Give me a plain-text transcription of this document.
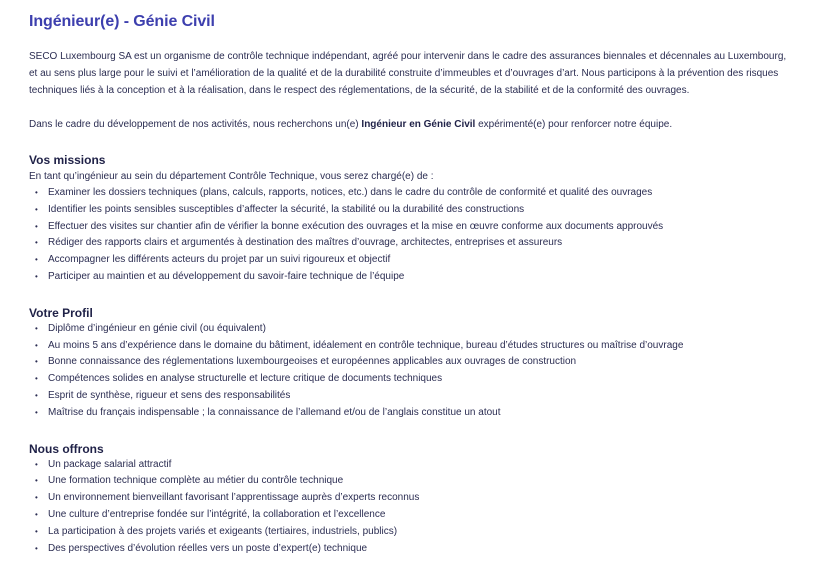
Ingénieur(e) - Génie Civil

SECO Luxembourg SA est un organisme de contrôle technique indépendant, agréé pour intervenir dans le cadre des assurances biennales et décennales au Luxembourg, et au sens plus large pour le suivi et l’amélioration de la qualité et de la durabilité construite d’immeubles et d’ouvrages d’art. Nous participons à la prévention des risques techniques liés à la conception et à la réalisation, dans le respect des réglementations, de la sécurité, de la stabilité et de la conformité des ouvrages.

Dans le cadre du développement de nos activités, nous recherchons un(e) Ingénieur en Génie Civil expérimenté(e) pour renforcer notre équipe.

Vos missions

En tant qu’ingénieur au sein du département Contrôle Technique, vous serez chargé(e) de :

• Examiner les dossiers techniques (plans, calculs, rapports, notices, etc.) dans le cadre du contrôle de conformité et qualité des ouvrages
• Identifier les points sensibles susceptibles d’affecter la sécurité, la stabilité ou la durabilité des constructions
• Effectuer des visites sur chantier afin de vérifier la bonne exécution des ouvrages et la mise en œuvre conforme aux documents approuvés
• Rédiger des rapports clairs et argumentés à destination des maîtres d’ouvrage, architectes, entreprises et assureurs
• Accompagner les différents acteurs du projet par un suivi rigoureux et objectif
• Participer au maintien et au développement du savoir-faire technique de l’équipe
Votre Profil
• Diplôme d’ingénieur en génie civil (ou équivalent)
• Au moins 5 ans d’expérience dans le domaine du bâtiment, idéalement en contrôle technique, bureau d’études structures ou maîtrise d’ouvrage
• Bonne connaissance des réglementations luxembourgeoises et européennes applicables aux ouvrages de construction
• Compétences solides en analyse structurelle et lecture critique de documents techniques
• Esprit de synthèse, rigueur et sens des responsabilités
• Maîtrise du français indispensable ; la connaissance de l’allemand et/ou de l’anglais constitue un atout
Nous offrons
• Un package salarial attractif
• Une formation technique complète au métier du contrôle technique
• Un environnement bienveillant favorisant l’apprentissage auprès d’experts reconnus
• Une culture d’entreprise fondée sur l’intégrité, la collaboration et l’excellence
• La participation à des projets variés et exigeants (tertiaires, industriels, publics)
• Des perspectives d’évolution réelles vers un poste d’expert(e) technique
